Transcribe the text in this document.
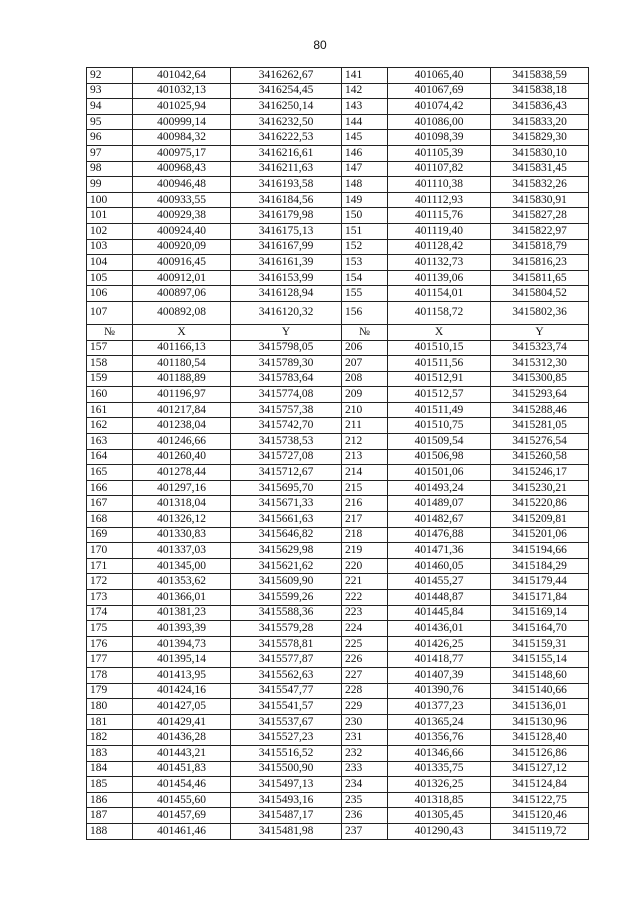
80
92	401042,64	3416262,67	141	401065,40	3415838,59
93	401032,13	3416254,45	142	401067,69	3415838,18
94	401025,94	3416250,14	143	401074,42	3415836,43
95	400999,14	3416232,50	144	401086,00	3415833,20
96	400984,32	3416222,53	145	401098,39	3415829,30
97	400975,17	3416216,61	146	401105,39	3415830,10
98	400968,43	3416211,63	147	401107,82	3415831,45
99	400946,48	3416193,58	148	401110,38	3415832,26
100	400933,55	3416184,56	149	401112,93	3415830,91
101	400929,38	3416179,98	150	401115,76	3415827,28
102	400924,40	3416175,13	151	401119,40	3415822,97
103	400920,09	3416167,99	152	401128,42	3415818,79
104	400916,45	3416161,39	153	401132,73	3415816,23
105	400912,01	3416153,99	154	401139,06	3415811,65
106	400897,06	3416128,94	155	401154,01	3415804,52
107	400892,08	3416120,32	156	401158,72	3415802,36
№	X	Y	№	X	Y
157	401166,13	3415798,05	206	401510,15	3415323,74
158	401180,54	3415789,30	207	401511,56	3415312,30
159	401188,89	3415783,64	208	401512,91	3415300,85
160	401196,97	3415774,08	209	401512,57	3415293,64
161	401217,84	3415757,38	210	401511,49	3415288,46
162	401238,04	3415742,70	211	401510,75	3415281,05
163	401246,66	3415738,53	212	401509,54	3415276,54
164	401260,40	3415727,08	213	401506,98	3415260,58
165	401278,44	3415712,67	214	401501,06	3415246,17
166	401297,16	3415695,70	215	401493,24	3415230,21
167	401318,04	3415671,33	216	401489,07	3415220,86
168	401326,12	3415661,63	217	401482,67	3415209,81
169	401330,83	3415646,82	218	401476,88	3415201,06
170	401337,03	3415629,98	219	401471,36	3415194,66
171	401345,00	3415621,62	220	401460,05	3415184,29
172	401353,62	3415609,90	221	401455,27	3415179,44
173	401366,01	3415599,26	222	401448,87	3415171,84
174	401381,23	3415588,36	223	401445,84	3415169,14
175	401393,39	3415579,28	224	401436,01	3415164,70
176	401394,73	3415578,81	225	401426,25	3415159,31
177	401395,14	3415577,87	226	401418,77	3415155,14
178	401413,95	3415562,63	227	401407,39	3415148,60
179	401424,16	3415547,77	228	401390,76	3415140,66
180	401427,05	3415541,57	229	401377,23	3415136,01
181	401429,41	3415537,67	230	401365,24	3415130,96
182	401436,28	3415527,23	231	401356,76	3415128,40
183	401443,21	3415516,52	232	401346,66	3415126,86
184	401451,83	3415500,90	233	401335,75	3415127,12
185	401454,46	3415497,13	234	401326,25	3415124,84
186	401455,60	3415493,16	235	401318,85	3415122,75
187	401457,69	3415487,17	236	401305,45	3415120,46
188	401461,46	3415481,98	237	401290,43	3415119,72
